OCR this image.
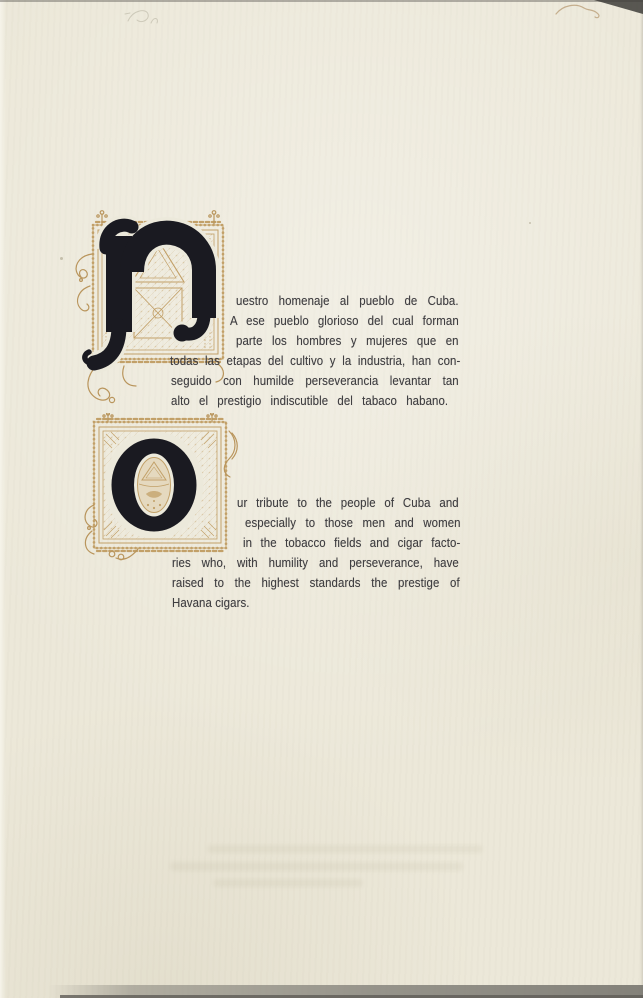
uestro homenaje al pueblo de Cuba.
A ese pueblo glorioso del cual forman
parte los hombres y mujeres que en
todas las etapas del cultivo y la industria, han con-
seguido con humilde perseverancia levantar tan
alto el prestigio indiscutible del tabaco habano.
ur tribute to the people of Cuba and
especially to those men and women
in the tobacco fields and cigar facto-
ries who, with humility and perseverance, have
raised to the highest standards the prestige of
Havana cigars.
